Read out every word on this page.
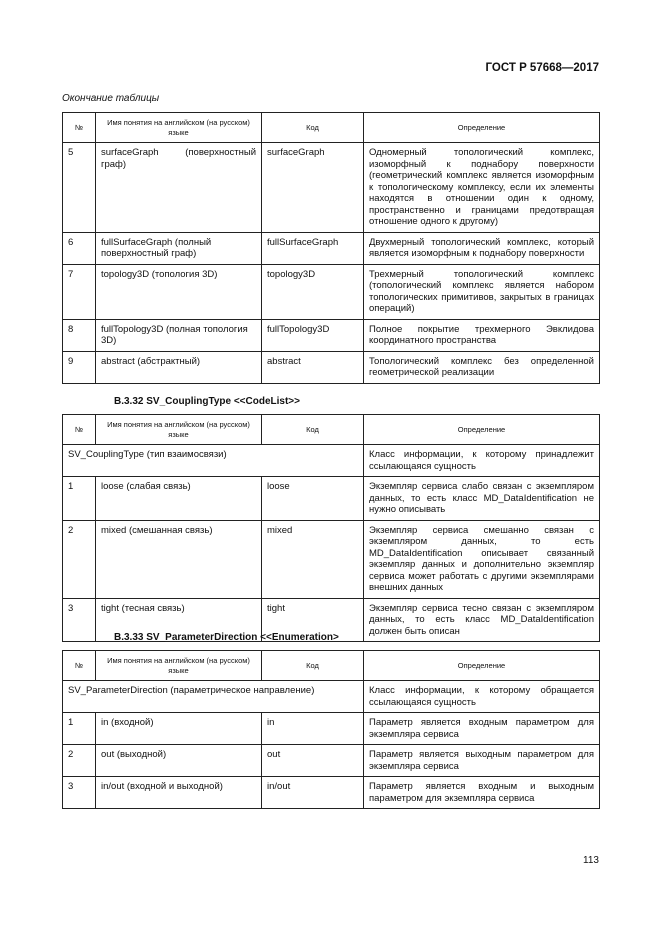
ГОСТ Р 57668—2017
Окончание таблицы
№	Имя понятия на английском (на русском) языке	Код	Определение
5	surfaceGraph (поверхностный граф)	surfaceGraph	Одномерный топологический комплекс, изоморфный к поднабору поверхности (геометрический комплекс является изоморфным к топологическому комплексу, если их элементы находятся в отношении один к одному, пространственно и границами предотвращая отношение одного к другому)
6	fullSurfaceGraph (полный поверхностный граф)	fullSurfaceGraph	Двухмерный топологический комплекс, который является изоморфным к поднабору поверхности
7	topology3D (топология 3D)	topology3D	Трехмерный топологический комплекс (топологический комплекс является набором топологических примитивов, закрытых в границах операций)
8	fullTopology3D (полная топология 3D)	fullTopology3D	Полное покрытие трехмерного Эвклидова координатного пространства
9	abstract (абстрактный)	abstract	Топологический комплекс без определенной геометрической реализации
B.3.32 SV_CouplingType <<CodeList>>
№	Имя понятия на английском (на русском) языке	Код	Определение
SV_CouplingType (тип взаимосвязи)			Класс информации, к которому принадлежит ссылающаяся сущность
1	loose (слабая связь)	loose	Экземпляр сервиса слабо связан с экземпляром данных, то есть класс MD_DataIdentification не нужно описывать
2	mixed (смешанная связь)	mixed	Экземпляр сервиса смешанно связан с экземпляром данных, то есть MD_DataIdentification описывает связанный экземпляр данных и дополнительно экземпляр сервиса может работать с другими экземплярами внешних данных
3	tight (тесная связь)	tight	Экземпляр сервиса тесно связан с экземпляром данных, то есть класс MD_DataIdentification должен быть описан
B.3.33 SV_ParameterDirection <<Enumeration>
№	Имя понятия на английском (на русском) языке	Код	Определение
SV_ParameterDirection (параметрическое направление)			Класс информации, к которому обращается ссылающаяся сущность
1	in (входной)	in	Параметр является входным параметром для экземпляра сервиса
2	out (выходной)	out	Параметр является выходным параметром для экземпляра сервиса
3	in/out (входной и выходной)	in/out	Параметр является входным и выходным параметром для экземпляра сервиса
113
